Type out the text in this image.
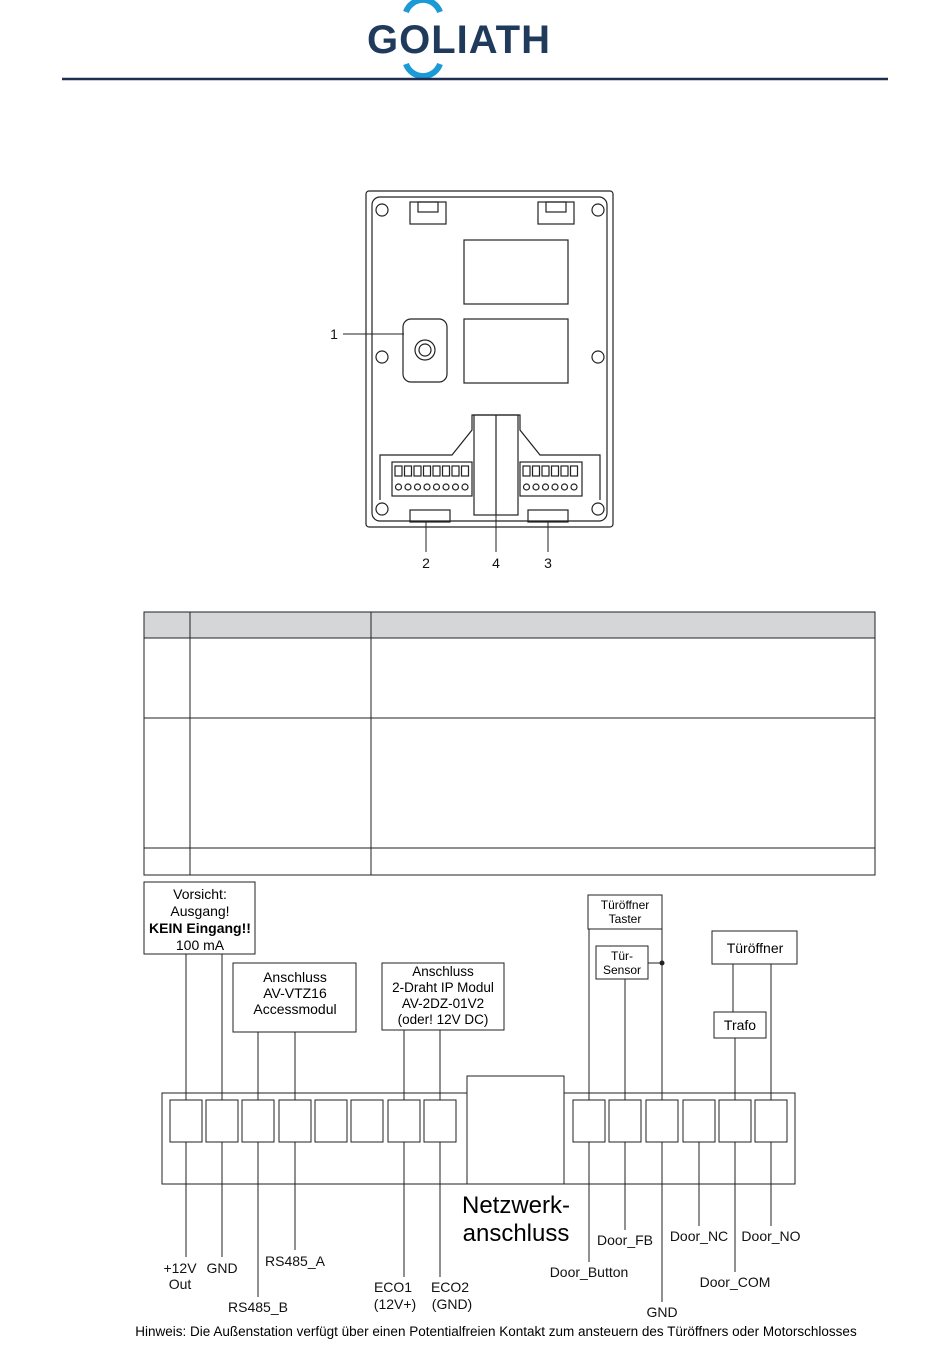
GOLIATH
1
2	4	3
Vorsicht:
Ausgang!
KEIN Eingang!!
100 mA
Anschluss
AV-VTZ16
Accessmodul
Anschluss
2-Draht IP Modul
AV-2DZ-01V2
(oder! 12V DC)
Türöffner
Taster
Tür-
Sensor
Türöffner
Trafo
Netzwerk-
anschluss
+12V
Out
GND
RS485_B
RS485_A
ECO1
(12V+)
ECO2
(GND)
Door_Button
Door_FB
GND
Door_NC Door_NO
Door_COM
Hinweis: Die Außenstation verfügt über einen Potentialfreien Kontakt zum ansteuern des Türöffners oder Motorschlosses
